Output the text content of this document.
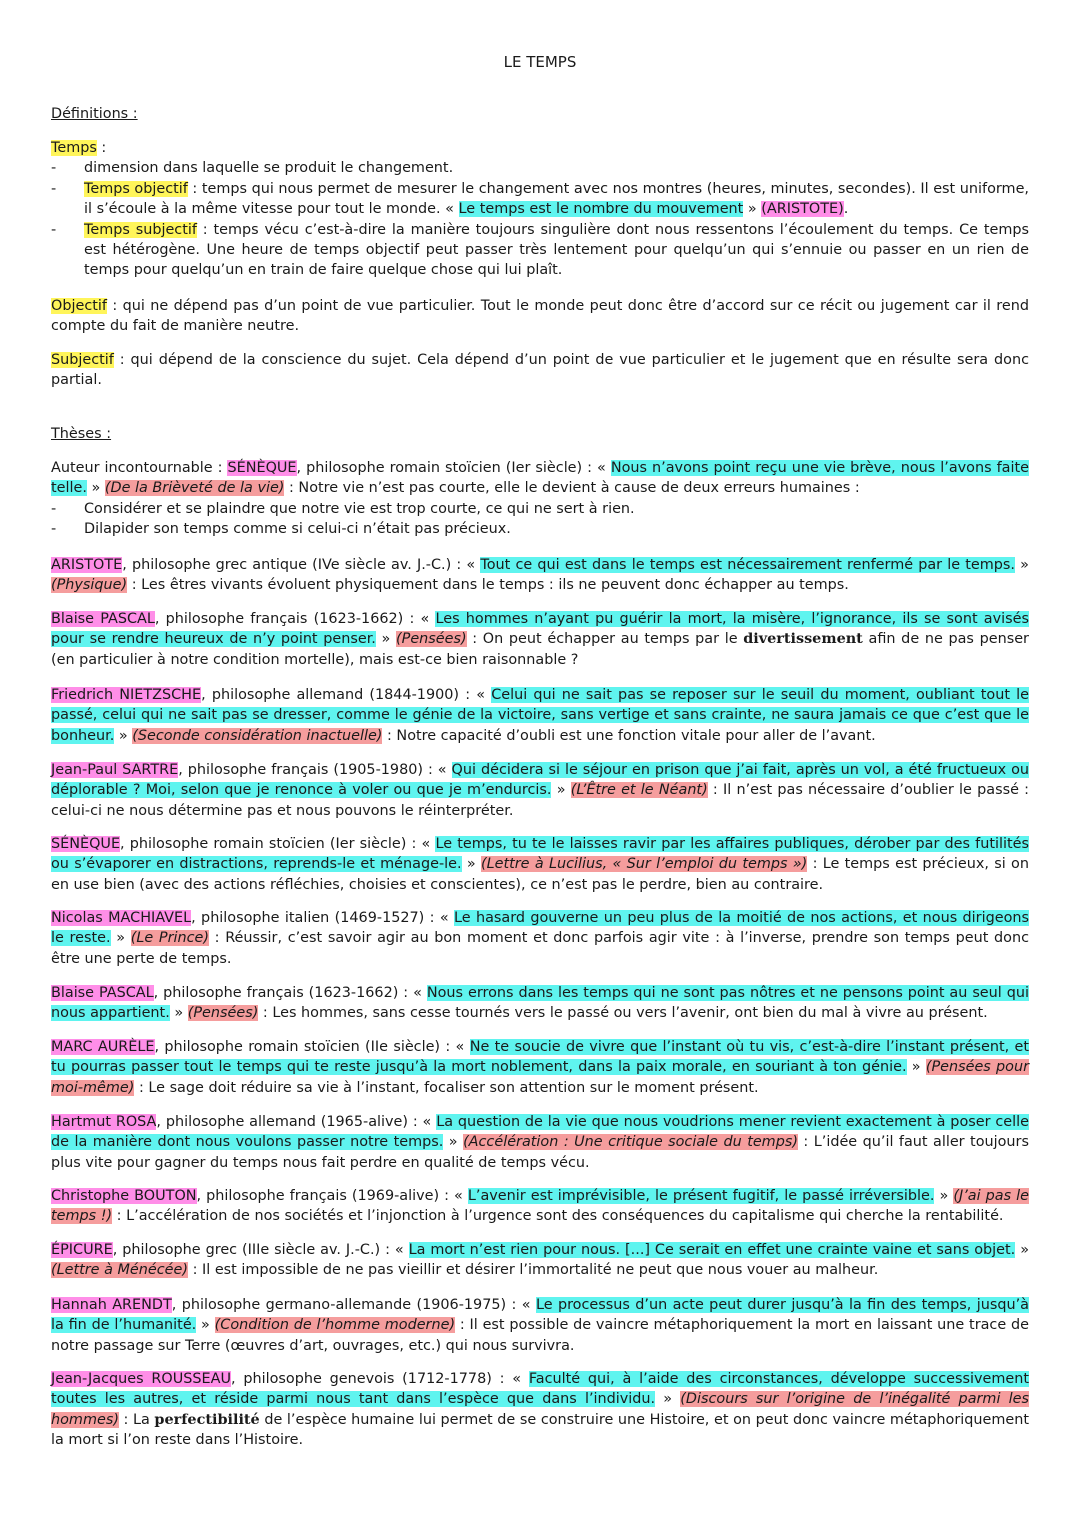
LE TEMPS
Définitions :

Temps :

-	dimension dans laquelle se produit le changement.
-	Temps objectif : temps qui nous permet de mesurer le changement avec nos montres (heures, minutes, secondes). Il est uniforme, il s’écoule à la même vitesse pour tout le monde. « Le temps est le nombre du mouvement » (ARISTOTE).
-	Temps subjectif : temps vécu c’est-à-dire la manière toujours singulière dont nous ressentons l’écoulement du temps. Ce temps est hétérogène. Une heure de temps objectif peut passer très lentement pour quelqu’un qui s’ennuie ou passer en un rien de temps pour quelqu’un en train de faire quelque chose qui lui plaît.

Objectif : qui ne dépend pas d’un point de vue particulier. Tout le monde peut donc être d’accord sur ce récit ou jugement car il rend compte du fait de manière neutre.

Subjectif : qui dépend de la conscience du sujet. Cela dépend d’un point de vue particulier et le jugement que en résulte sera donc partial.

Thèses :

Auteur incontournable : SÉNÈQUE, philosophe romain stoïcien (Ier siècle) : « Nous n’avons point reçu une vie brève, nous l’avons faite telle. » (De la Brièveté de la vie) : Notre vie n’est pas courte, elle le devient à cause de deux erreurs humaines :

-	Considérer et se plaindre que notre vie est trop courte, ce qui ne sert à rien.
-	Dilapider son temps comme si celui-ci n’était pas précieux.

ARISTOTE, philosophe grec antique (IVe siècle av. J.-C.) : « Tout ce qui est dans le temps est nécessairement renfermé par le temps. » (Physique) : Les êtres vivants évoluent physiquement dans le temps : ils ne peuvent donc échapper au temps.

Blaise PASCAL, philosophe français (1623-1662) : « Les hommes n’ayant pu guérir la mort, la misère, l’ignorance, ils se sont avisés pour se rendre heureux de n’y point penser. » (Pensées) : On peut échapper au temps par le divertissement afin de ne pas penser (en particulier à notre condition mortelle), mais est-ce bien raisonnable ?

Friedrich NIETZSCHE, philosophe allemand (1844-1900) : « Celui qui ne sait pas se reposer sur le seuil du moment, oubliant tout le passé, celui qui ne sait pas se dresser, comme le génie de la victoire, sans vertige et sans crainte, ne saura jamais ce que c’est que le bonheur. » (Seconde considération inactuelle) : Notre capacité d’oubli est une fonction vitale pour aller de l’avant.

Jean-Paul SARTRE, philosophe français (1905-1980) : « Qui décidera si le séjour en prison que j’ai fait, après un vol, a été fructueux ou déplorable ? Moi, selon que je renonce à voler ou que je m’endurcis. » (L’Être et le Néant) : Il n’est pas nécessaire d’oublier le passé : celui-ci ne nous détermine pas et nous pouvons le réinterpréter.

SÉNÈQUE, philosophe romain stoïcien (Ier siècle) : « Le temps, tu te le laisses ravir par les affaires publiques, dérober par des futilités ou s’évaporer en distractions, reprends-le et ménage-le. » (Lettre à Lucilius, « Sur l’emploi du temps ») : Le temps est précieux, si on en use bien (avec des actions réfléchies, choisies et conscientes), ce n’est pas le perdre, bien au contraire.

Nicolas MACHIAVEL, philosophe italien (1469-1527) : « Le hasard gouverne un peu plus de la moitié de nos actions, et nous dirigeons le reste. » (Le Prince) : Réussir, c’est savoir agir au bon moment et donc parfois agir vite : à l’inverse, prendre son temps peut donc être une perte de temps.

Blaise PASCAL, philosophe français (1623-1662) : « Nous errons dans les temps qui ne sont pas nôtres et ne pensons point au seul qui nous appartient. » (Pensées) : Les hommes, sans cesse tournés vers le passé ou vers l’avenir, ont bien du mal à vivre au présent.

MARC AURÈLE, philosophe romain stoïcien (IIe siècle) : « Ne te soucie de vivre que l’instant où tu vis, c’est-à-dire l’instant présent, et tu pourras passer tout le temps qui te reste jusqu’à la mort noblement, dans la paix morale, en souriant à ton génie. » (Pensées pour moi-même) : Le sage doit réduire sa vie à l’instant, focaliser son attention sur le moment présent.

Hartmut ROSA, philosophe allemand (1965-alive) : « La question de la vie que nous voudrions mener revient exactement à poser celle de la manière dont nous voulons passer notre temps. » (Accélération : Une critique sociale du temps) : L’idée qu’il faut aller toujours plus vite pour gagner du temps nous fait perdre en qualité de temps vécu.

Christophe BOUTON, philosophe français (1969-alive) : « L’avenir est imprévisible, le présent fugitif, le passé irréversible. » (J’ai pas le temps !) : L’accélération de nos sociétés et l’injonction à l’urgence sont des conséquences du capitalisme qui cherche la rentabilité.

ÉPICURE, philosophe grec (IIIe siècle av. J.-C.) : « La mort n’est rien pour nous. [...] Ce serait en effet une crainte vaine et sans objet. » (Lettre à Ménécée) : Il est impossible de ne pas vieillir et désirer l’immortalité ne peut que nous vouer au malheur.

Hannah ARENDT, philosophe germano-allemande (1906-1975) : « Le processus d’un acte peut durer jusqu’à la fin des temps, jusqu’à la fin de l’humanité. » (Condition de l’homme moderne) : Il est possible de vaincre métaphoriquement la mort en laissant une trace de notre passage sur Terre (œuvres d’art, ouvrages, etc.) qui nous survivra.

Jean-Jacques ROUSSEAU, philosophe genevois (1712-1778) : « Faculté qui, à l’aide des circonstances, développe successivement toutes les autres, et réside parmi nous tant dans l’espèce que dans l’individu. » (Discours sur l’origine de l’inégalité parmi les hommes) : La perfectibilité de l’espèce humaine lui permet de se construire une Histoire, et on peut donc vaincre métaphoriquement la mort si l’on reste dans l’Histoire.
